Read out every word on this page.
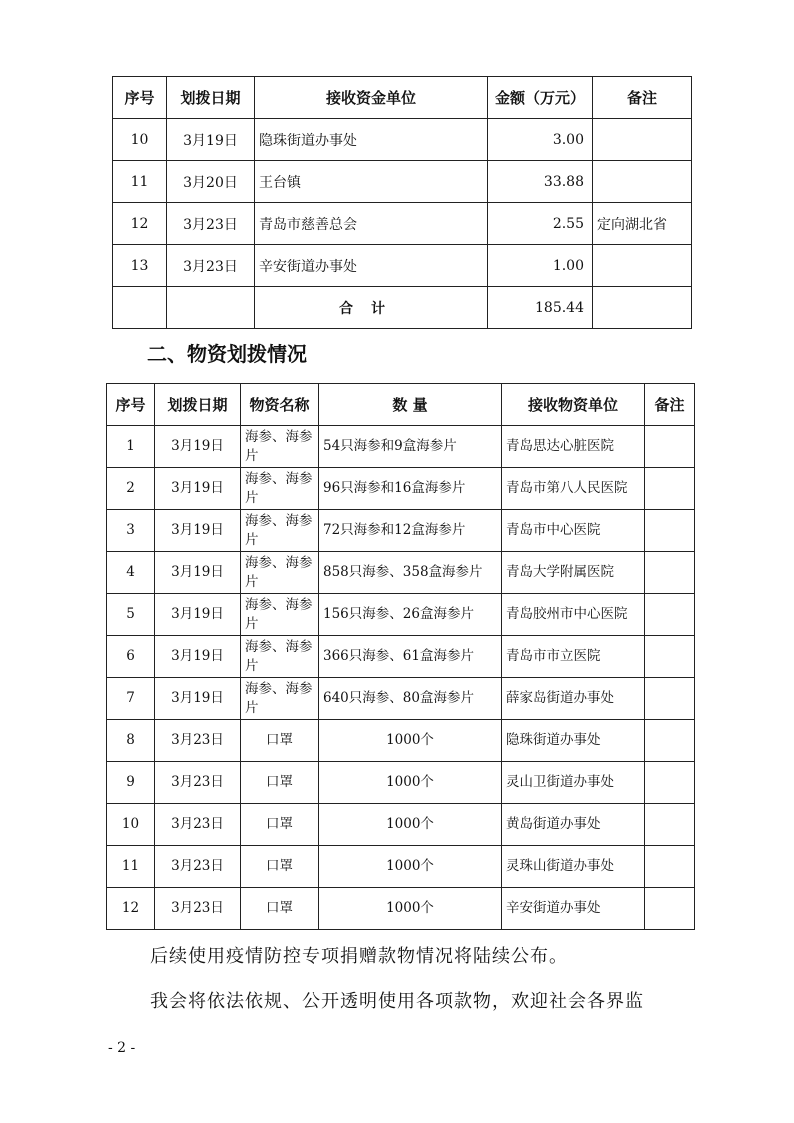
序号	划拨日期	接收资金单位	金额（万元）	备注
10	3月19日	隐珠街道办事处	3.00	
11	3月20日	王台镇	33.88	
12	3月23日	青岛市慈善总会	2.55	定向湖北省
13	3月23日	辛安街道办事处	1.00	
		合计	185.44	
二、物资划拨情况
序号	划拨日期	物资名称	数 量	接收物资单位	备注
1	3月19日	海参、海参片	54只海参和9盒海参片	青岛思达心脏医院	
2	3月19日	海参、海参片	96只海参和16盒海参片	青岛市第八人民医院	
3	3月19日	海参、海参片	72只海参和12盒海参片	青岛市中心医院	
4	3月19日	海参、海参片	858只海参、358盒海参片	青岛大学附属医院	
5	3月19日	海参、海参片	156只海参、26盒海参片	青岛胶州市中心医院	
6	3月19日	海参、海参片	366只海参、61盒海参片	青岛市市立医院	
7	3月19日	海参、海参片	640只海参、80盒海参片	薛家岛街道办事处	
8	3月23日	口罩	1000个	隐珠街道办事处	
9	3月23日	口罩	1000个	灵山卫街道办事处	
10	3月23日	口罩	1000个	黄岛街道办事处	
11	3月23日	口罩	1000个	灵珠山街道办事处	
12	3月23日	口罩	1000个	辛安街道办事处	
后续使用疫情防控专项捐赠款物情况将陆续公布。
我会将依法依规、公开透明使用各项款物，欢迎社会各界监
- 2 -
